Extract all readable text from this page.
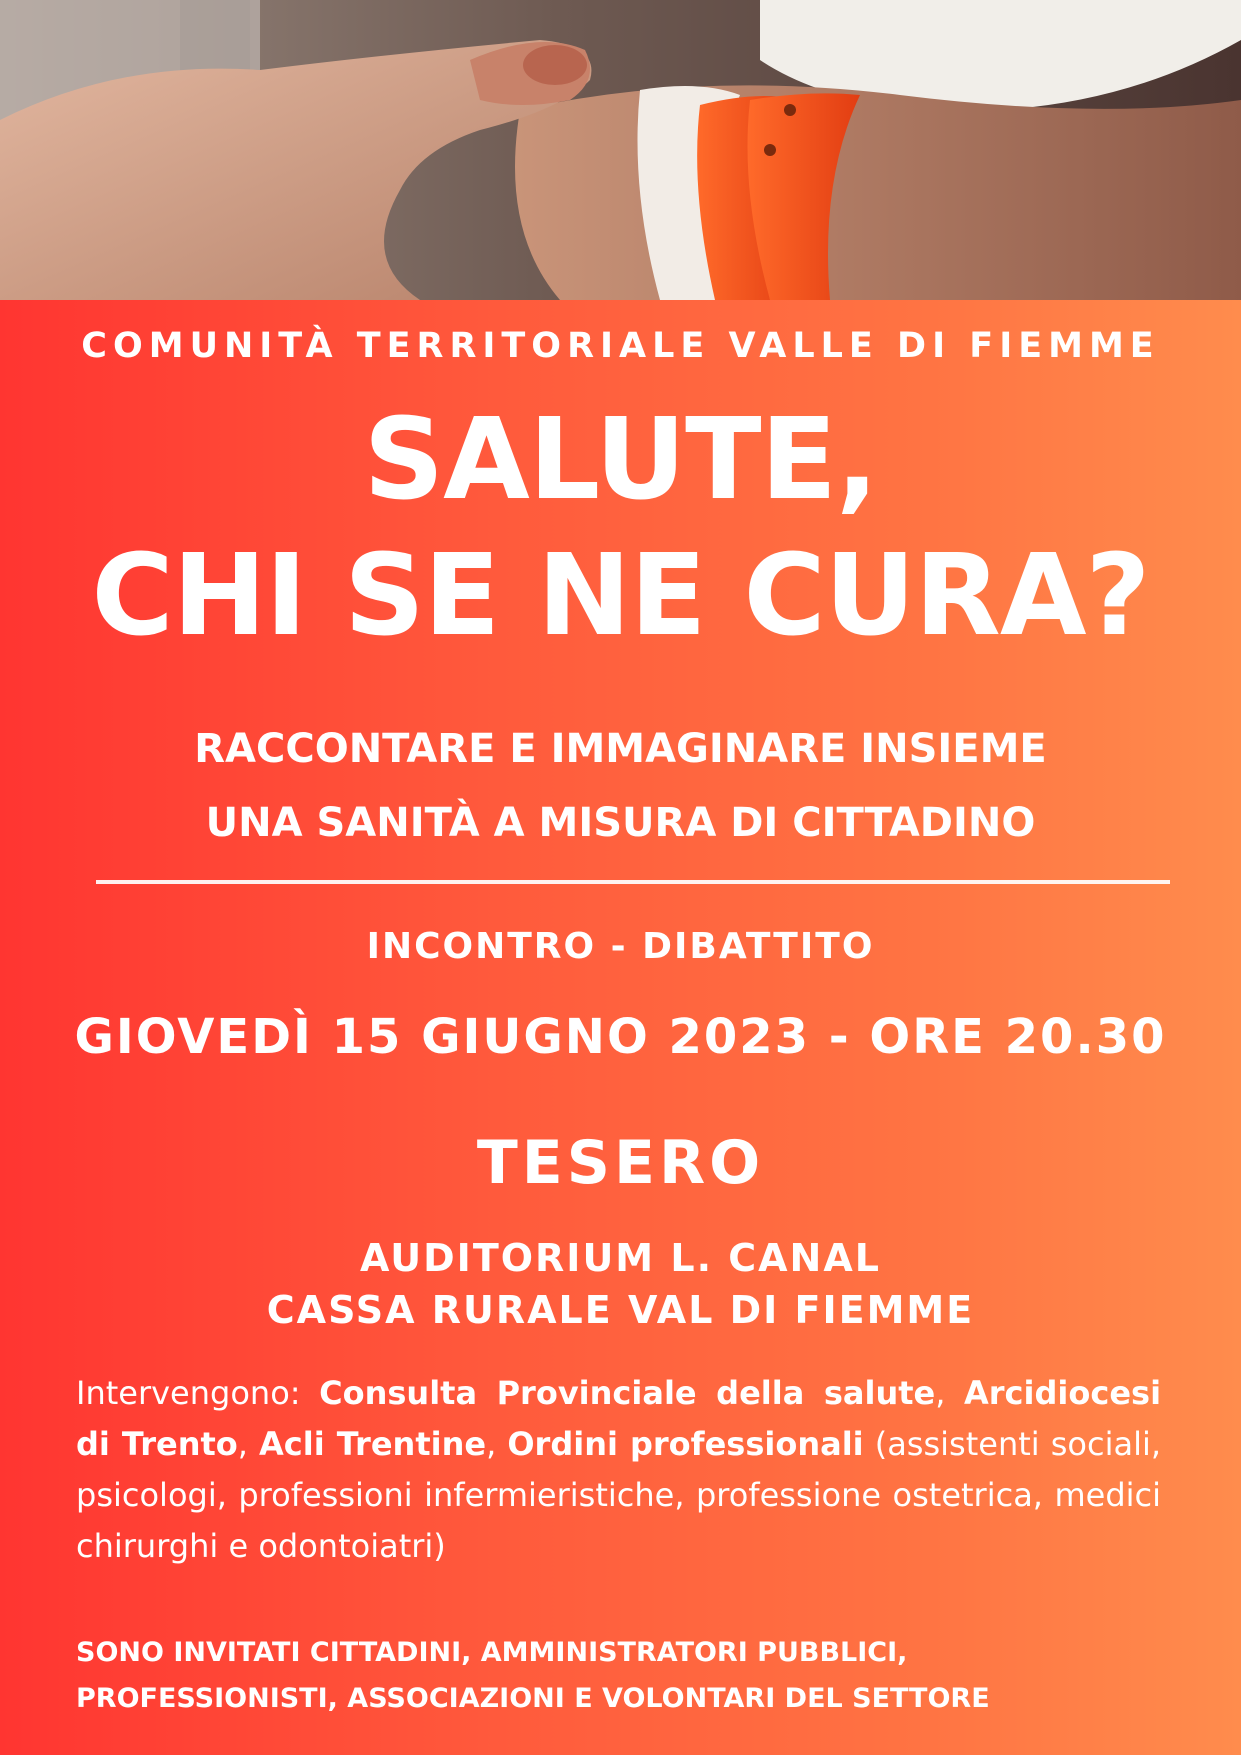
COMUNITÀ TERRITORIALE VALLE DI FIEMME
SALUTE,
CHI SE NE CURA?
RACCONTARE E IMMAGINARE INSIEME
UNA SANITÀ A MISURA DI CITTADINO
INCONTRO - DIBATTITO
GIOVEDÌ 15 GIUGNO 2023 - ORE 20.30
TESERO
AUDITORIUM L. CANAL
CASSA RURALE VAL DI FIEMME
Intervengono: Consulta Provinciale della salute, Arcidiocesi di Trento, Acli Trentine, Ordini professionali (assistenti sociali, psicologi, professioni infermieristiche, professione ostetrica, medici chirurghi e odontoiatri)
SONO INVITATI CITTADINI, AMMINISTRATORI PUBBLICI,
PROFESSIONISTI, ASSOCIAZIONI E VOLONTARI DEL SETTORE
